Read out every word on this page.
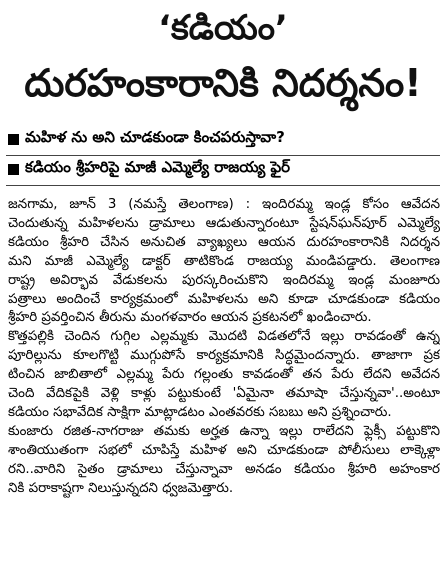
‘కడియం’
దురహంకారానికి నిదర్శనం!
మహిళ ను అని చూడకుండా కించపరుస్తావా?
కడియం శ్రీహరిపై మాజీ ఎమ్మెల్యే రాజయ్య ఫైర్
జనగామ, జూన్ 3 (నమస్తే తెలంగాణ) : ఇందిరమ్మ ఇండ్ల కోసం ఆవేదన
చెందుతున్న మహిళలను డ్రామాలు ఆడుతున్నారంటూ స్టేషన్‌ఘన్‌పూర్ ఎమ్మెల్యే
కడియం శ్రీహరి చేసిన అనుచిత వ్యాఖ్యలు ఆయన దురహంకారానికి నిదర్శన
మని మాజీ ఎమ్మెల్యే డాక్టర్ తాటికొండ రాజయ్య మండిపడ్డారు. తెలంగాణ
రాష్ట్ర అవిర్భావ వేడుకలను పురస్కరించుకొని ఇందిరమ్మ ఇండ్ల మంజూరు
పత్రాలు అందించే కార్యక్రమంలో మహిళలను అని కూడా చూడకుండా కడియం
శ్రీహరి ప్రవర్తించిన తీరును మంగళవారం ఆయన ప్రకటనలో ఖండించారు.
కొత్తపల్లికి చెందిన గుగ్గిల ఎల్లమ్మకు మొదటి విడతలోనే ఇల్లు రావడంతో ఉన్న
పూరిల్లును కూలగొట్టి ముగ్గుపోసే కార్యక్రమానికి సిద్ధమైందన్నారు. తాజాగా ప్రక
టించిన జాబితాలో ఎల్లమ్మ పేరు గల్లంతు కావడంతో తన పేరు లేదని అవేదన
చెంది వేదికపైకి వెళ్లి కాళ్లు పట్టుకుంటే 'ఏమైనా తమాషా చేస్తున్నవా'..అంటూ
కడియం సభావేదిక సాక్షిగా మాట్లాడటం ఎంతవరకు సబబు అని ప్రశ్నించారు.
కుంజారు రజిత-నాగరాజు తమకు అర్హత ఉన్నా ఇల్లు రాలేదని ఫ్లెక్సీ పట్టుకొని
శాంతియుతంగా సభలో చూపిస్తే మహిళ అని చూడకుండా పోలీసులు లాక్కెళ్లా
రని..వారిని సైతం డ్రామాలు చేస్తున్నావా అనడం కడియం శ్రీహరి అహంకార
నికి పరాకాష్టగా నిలుస్తున్నదని ధ్వజమెత్తారు.
